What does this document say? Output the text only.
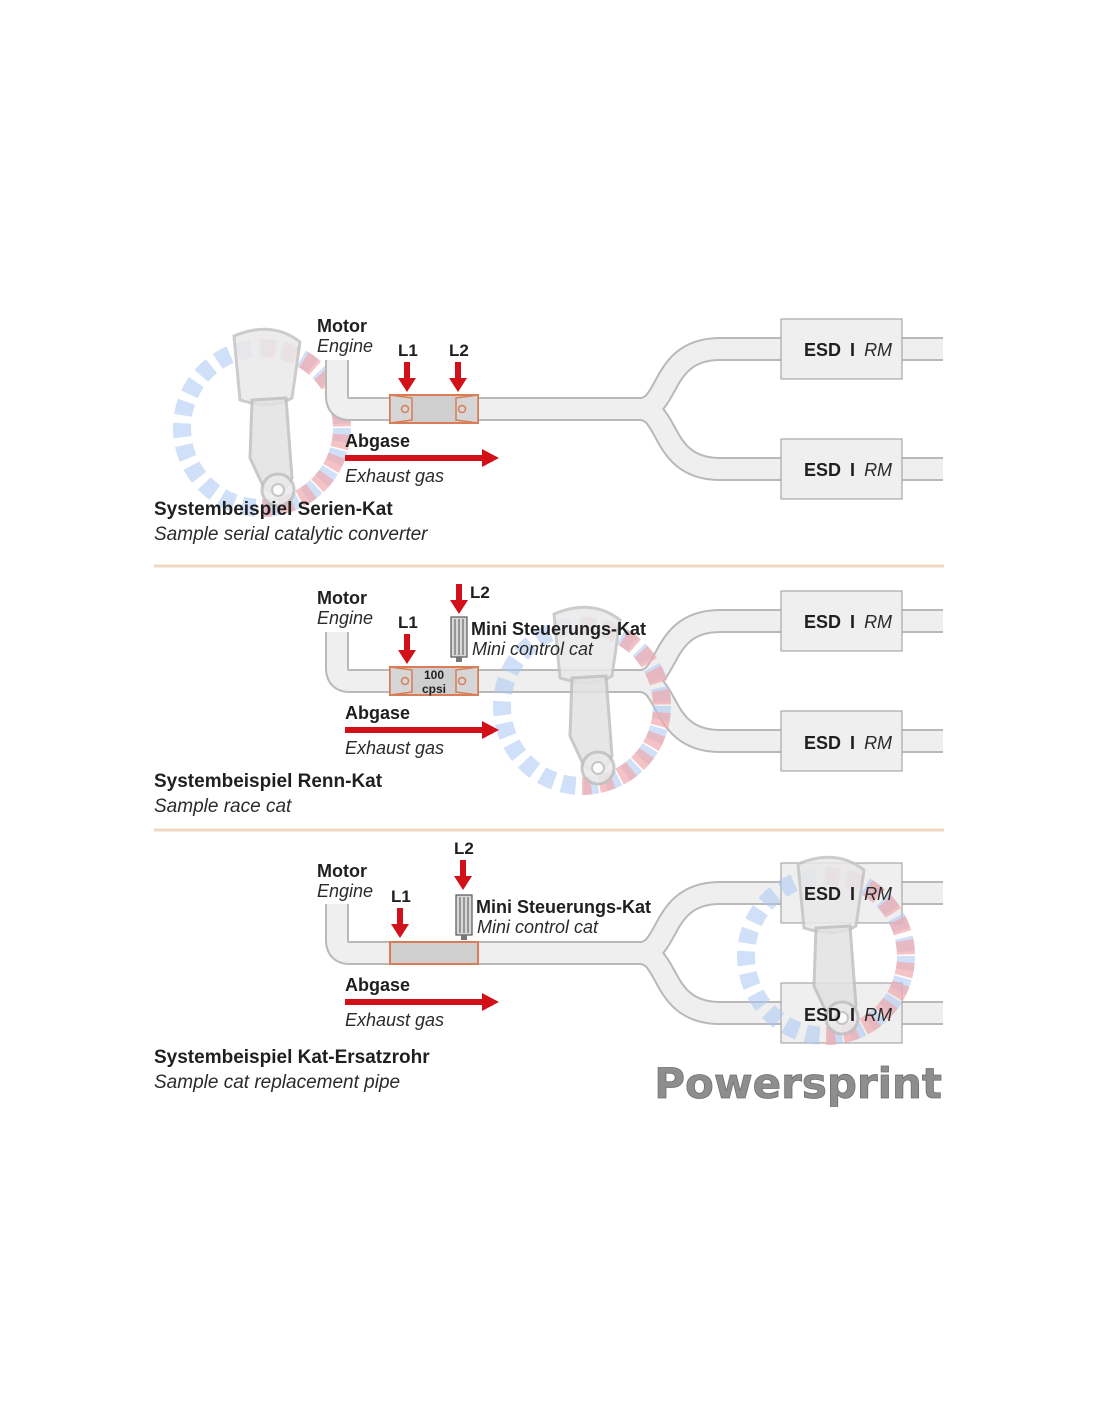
Motor
Engine L1 L2
Abgase
Exhaust gas
ESD I RM
ESD I RM
Systembeispiel Serien-Kat
Sample serial catalytic converter
100
cpsi
Motor
Engine L1
L2
Mini Steuerungs-Kat
Mini control cat
Abgase
Exhaust gas
ESD I RM
ESD I RM
Systembeispiel Renn-Kat
Sample race cat
Motor
Engine L1
L2
Mini Steuerungs-Kat
Mini control cat
Abgase
Exhaust gas
ESD I RM
ESD I RM
Systembeispiel Kat-Ersatzrohr
Sample cat replacement pipe	Powersprint
